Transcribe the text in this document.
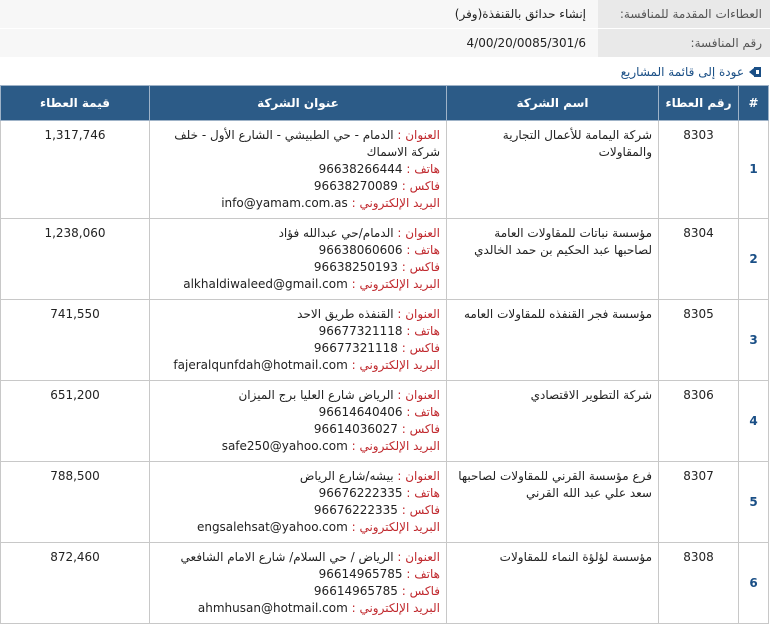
العطاءات المقدمة للمنافسة:
إنشاء حدائق بالقنفذة(وفر)
رقم المنافسة:
4/00/20/0085/301/6
عودة إلى قائمة المشاريع
#	رقم العطاء	اسم الشركة	عنوان الشركة	قيمة العطاء
1	8303	شركة اليمامة للأعمال التجارية والمقاولات	العنوان : الدمام - حي الطبيشي - الشارع الأول - خلف شركة الاسماك
هاتف : 96638266444
فاكس : 96638270089
البريد الإلكتروني : info@yamam.com.as	1,317,746
2	8304	مؤسسة نباتات للمقاولات العامة لصاحبها عبد الحكيم بن حمد الخالدي	العنوان : الدمام/حي عبدالله فؤاد
هاتف : 96638060606
فاكس : 96638250193
البريد الإلكتروني : alkhaldiwaleed@gmail.com	1,238,060
3	8305	مؤسسة فجر القنفذه للمقاولات العامه	العنوان : القنفذه طريق الاحد
هاتف : 96677321118
فاكس : 96677321118
البريد الإلكتروني : fajeralqunfdah@hotmail.com	741,550
4	8306	شركة التطوير الاقتصادي	العنوان : الرياض شارع العليا برج الميزان
هاتف : 96614640406
فاكس : 96614036027
البريد الإلكتروني : safe250@yahoo.com	651,200
5	8307	فرع مؤسسة القرني للمقاولات لصاحبها سعد علي عبد الله القرني	العنوان : بيشه/شارع الرياض
هاتف : 96676222335
فاكس : 96676222335
البريد الإلكتروني : engsalehsat@yahoo.com	788,500
6	8308	مؤسسة لؤلؤة النماء للمقاولات	العنوان : الرياض / حي السلام/ شارع الامام الشافعي
هاتف : 96614965785
فاكس : 96614965785
البريد الإلكتروني : ahmhusan@hotmail.com	872,460
